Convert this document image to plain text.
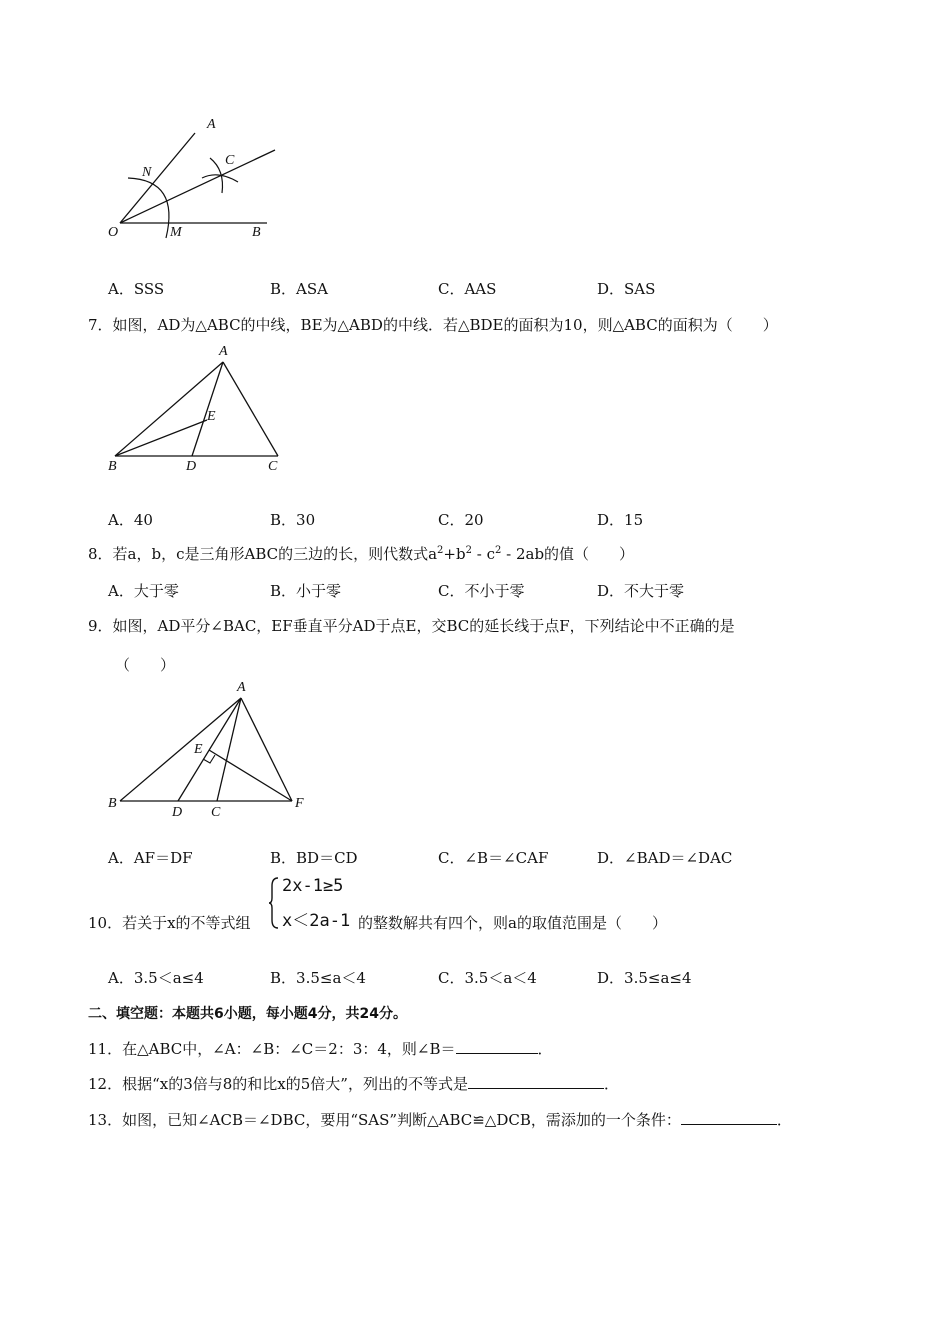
A
N
C
O	M	B
A．SSS	B．ASA	C．AAS	D．SAS
7．如图，AD为△ABC的中线，BE为△ABD的中线．若△BDE的面积为10，则△ABC的面积为（　　）
A
E
B	D	C
A．40	B．30	C．20	D．15
8．若a，b，c是三角形ABC的三边的长，则代数式$a^2+b^2 - c^2 - 2ab$的值（　　）
A．大于零	B．小于零	C．不小于零	D．不大于零
9．如图，AD平分∠BAC，EF垂直平分AD于点E，交BC的延长线于点F，下列结论中不正确的是
（　　）
A
E
B
D C
F
A．AF＝DF	B．BD＝CD	C．∠B＝∠CAF	D．∠BAD＝∠DAC
10．若关于x的不等式组
2x-1≥5
x＜2a-1 的整数解共有四个，则a的取值范围是（　　）
A．3.5＜a≤4	B．3.5≤a＜4	C．3.5＜a＜4	D．3.5≤a≤4
二、填空题：本题共6小题，每小题4分，共24分。
11．在△ABC中，∠A：∠B：∠C＝2：3：4，则∠B＝	．
12．根据“x的3倍与8的和比x的5倍大”，列出的不等式是	．
13．如图，已知∠ACB＝∠DBC，要用“SAS”判断△ABC≌△DCB，需添加的一个条件：	．
